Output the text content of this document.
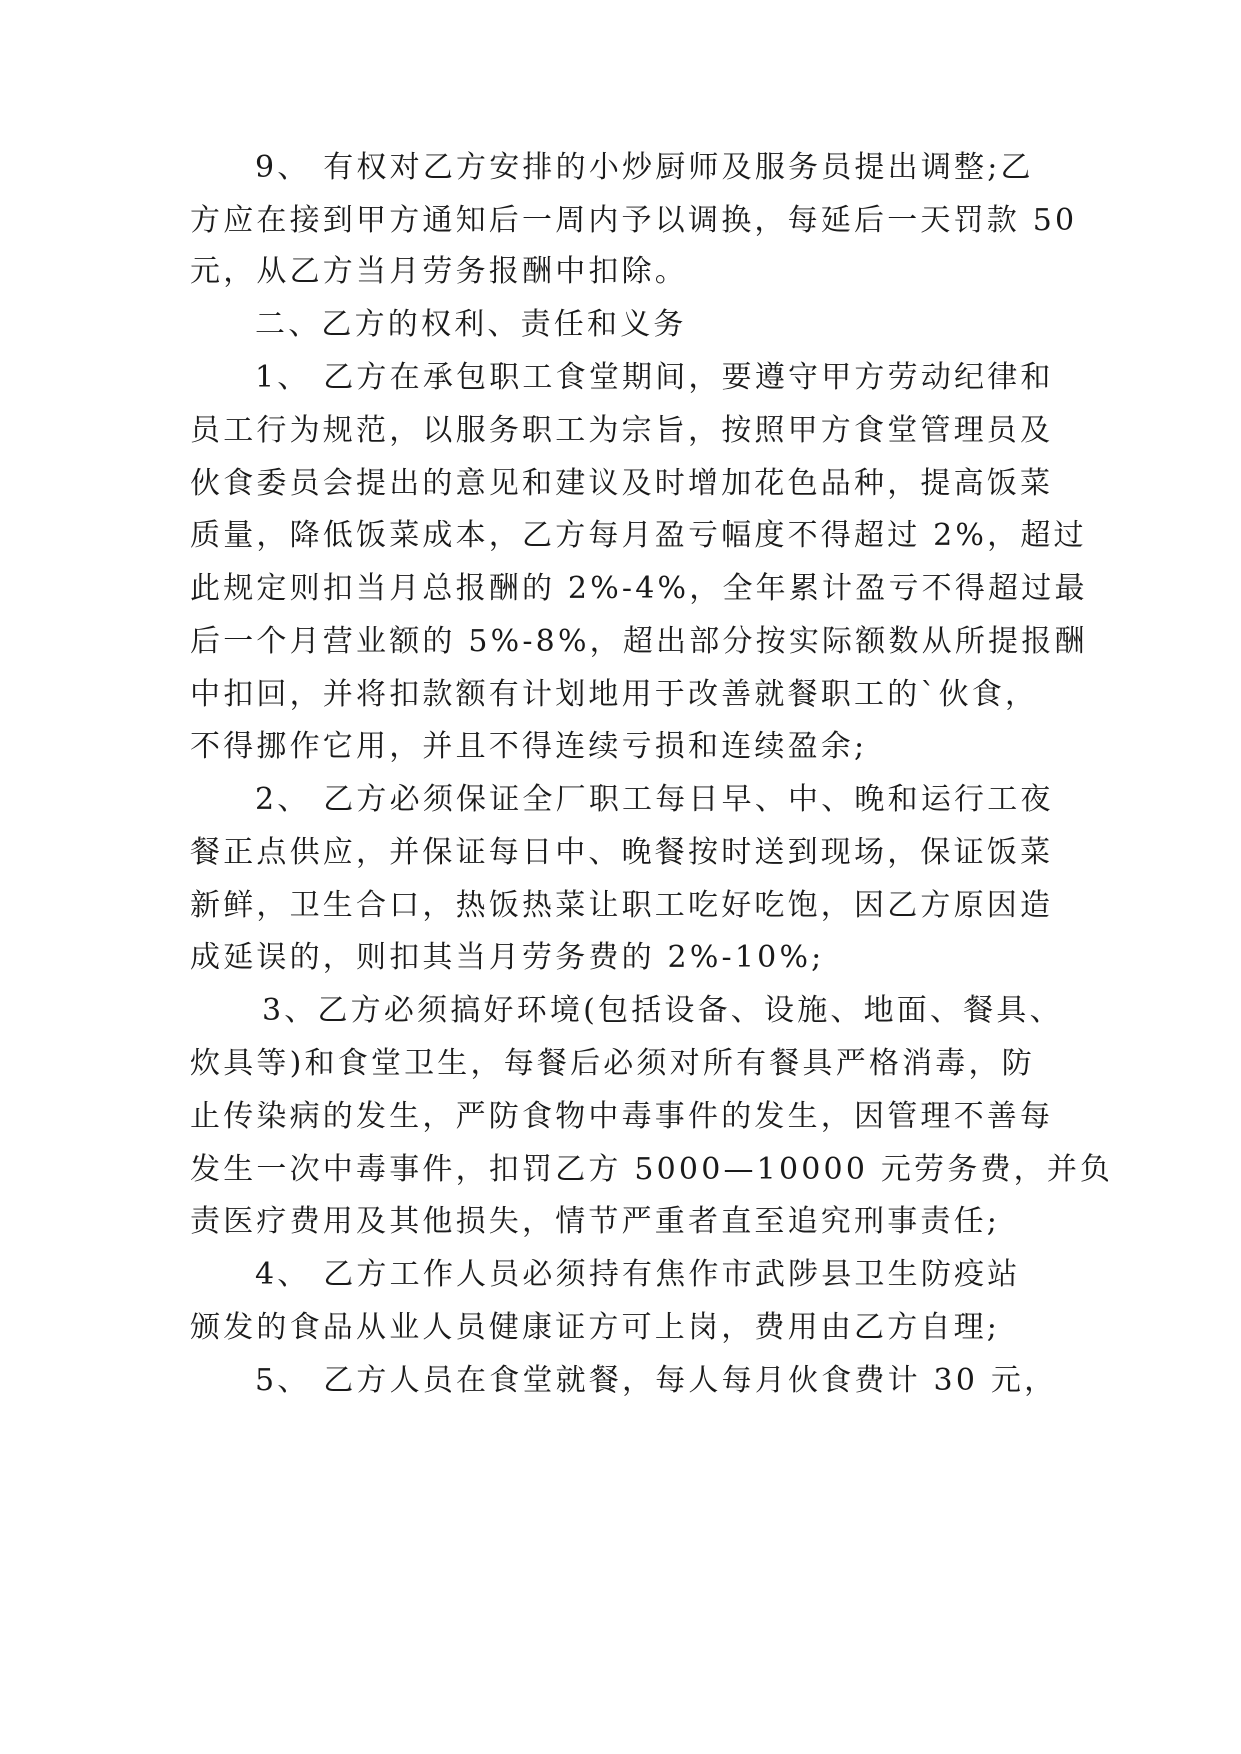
9、 有权对乙方安排的小炒厨师及服务员提出调整;乙
方应在接到甲方通知后一周内予以调换，每延后一天罚款 50
元，从乙方当月劳务报酬中扣除。
二、乙方的权利、责任和义务
1、 乙方在承包职工食堂期间，要遵守甲方劳动纪律和
员工行为规范，以服务职工为宗旨，按照甲方食堂管理员及
伙食委员会提出的意见和建议及时增加花色品种，提高饭菜
质量，降低饭菜成本，乙方每月盈亏幅度不得超过 2%，超过
此规定则扣当月总报酬的 2%-4%，全年累计盈亏不得超过最
后一个月营业额的 5%-8%，超出部分按实际额数从所提报酬
中扣回，并将扣款额有计划地用于改善就餐职工的`伙食，
不得挪作它用，并且不得连续亏损和连续盈余;
2、 乙方必须保证全厂职工每日早、中、晚和运行工夜
餐正点供应，并保证每日中、晚餐按时送到现场，保证饭菜
新鲜，卫生合口，热饭热菜让职工吃好吃饱，因乙方原因造
成延误的，则扣其当月劳务费的 2%-10%;
3、乙方必须搞好环境(包括设备、设施、地面、餐具、
炊具等)和食堂卫生，每餐后必须对所有餐具严格消毒，防
止传染病的发生，严防食物中毒事件的发生，因管理不善每
发生一次中毒事件，扣罚乙方 5000—10000 元劳务费，并负
责医疗费用及其他损失，情节严重者直至追究刑事责任;
4、 乙方工作人员必须持有焦作市武陟县卫生防疫站
颁发的食品从业人员健康证方可上岗，费用由乙方自理;
5、 乙方人员在食堂就餐，每人每月伙食费计 30 元，
